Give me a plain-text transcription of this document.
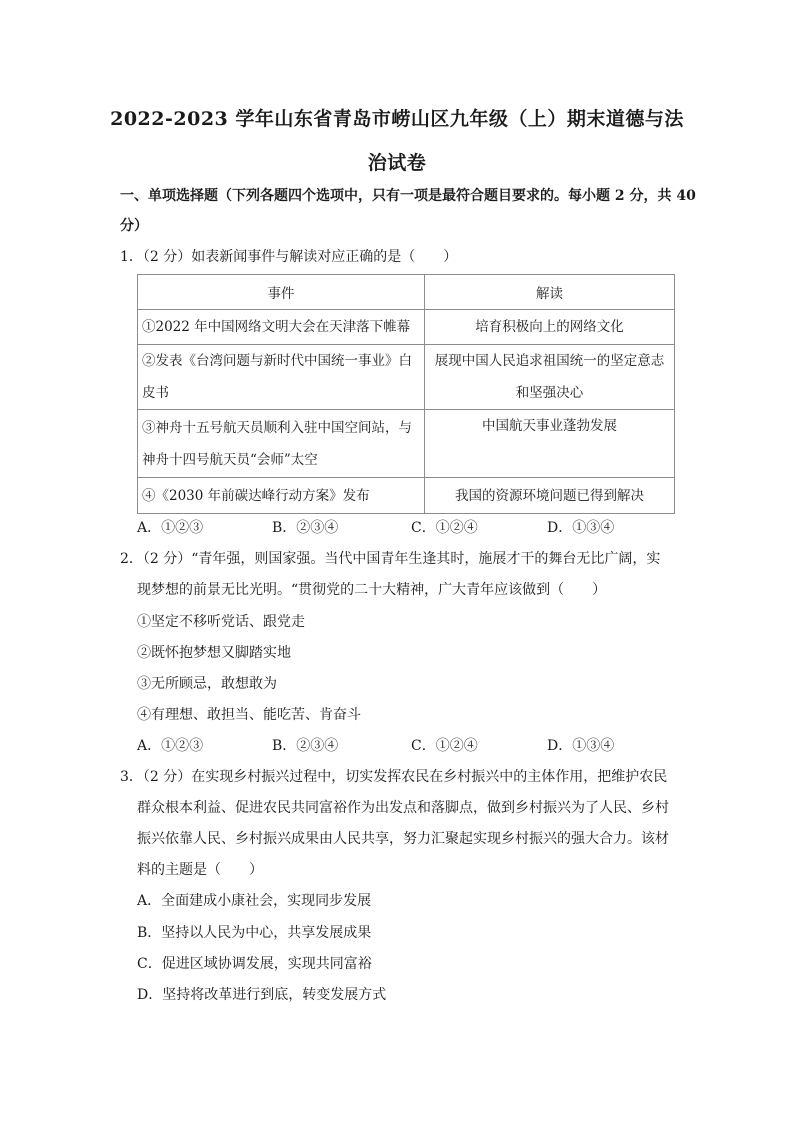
2022-2023 学年山东省青岛市崂山区九年级（上）期末道德与法
治试卷
一、单项选择题（下列各题四个选项中，只有一项是最符合题目要求的。每小题 2 分，共 40
分）
1．（2 分）如表新闻事件与解读对应正确的是（　　）
事件	解读
①2022 年中国网络文明大会在天津落下帷幕	培育积极向上的网络文化
②发表《台湾问题与新时代中国统一事业》白
皮书	展现中国人民追求祖国统一的坚定意志
和坚强决心
③神舟十五号航天员顺利入驻中国空间站，与
神舟十四号航天员“会师”太空	中国航天事业蓬勃发展
④《2030 年前碳达峰行动方案》发布	我国的资源环境问题已得到解决
A．①②③	B．②③④	C．①②④	D．①③④
2．（2 分）“青年强，则国家强。当代中国青年生逢其时，施展才干的舞台无比广阔，实
现梦想的前景无比光明。“贯彻党的二十大精神，广大青年应该做到（　　）
①坚定不移听党话、跟党走
②既怀抱梦想又脚踏实地
③无所顾忌，敢想敢为
④有理想、敢担当、能吃苦、肯奋斗
A．①②③	B．②③④	C．①②④	D．①③④
3．（2 分）在实现乡村振兴过程中，切实发挥农民在乡村振兴中的主体作用，把维护农民
群众根本利益、促进农民共同富裕作为出发点和落脚点，做到乡村振兴为了人民、乡村
振兴依靠人民、乡村振兴成果由人民共享，努力汇聚起实现乡村振兴的强大合力。该材
料的主题是（　　）
A．全面建成小康社会，实现同步发展
B．坚持以人民为中心，共享发展成果
C．促进区域协调发展，实现共同富裕
D．坚持将改革进行到底，转变发展方式
